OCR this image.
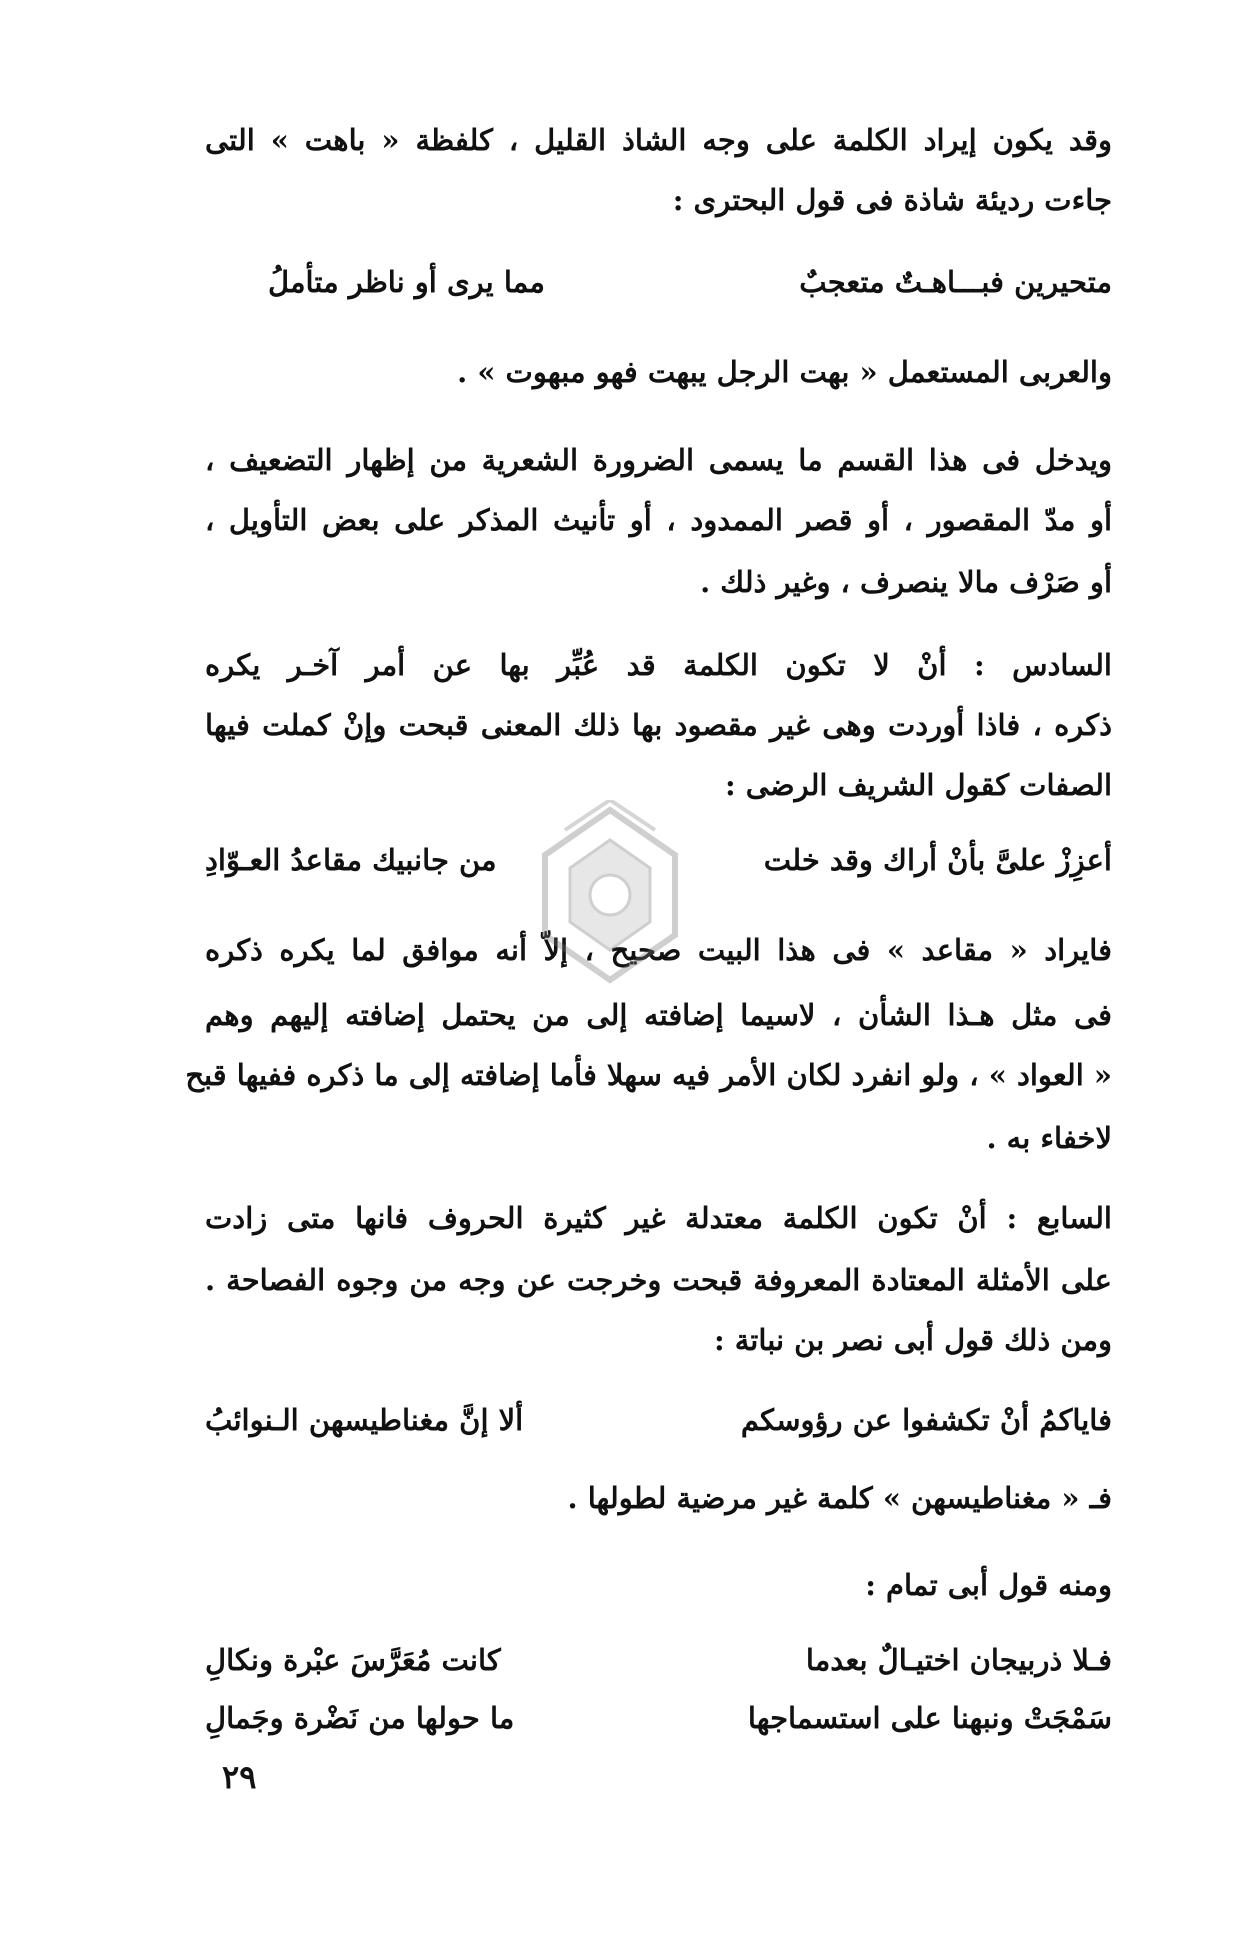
وقد يكون إيراد الكلمة على وجه الشاذ القليل ، كلفظة « باهت » التى
جاءت رديئة شاذة فى قول البحترى :
متحيرين فبـــاهـتٌ متعجبٌ
مما يرى أو ناظر متأملُ
والعربى المستعمل « بهت الرجل يبهت فهو مبهوت » .
ويدخل فى هذا القسم ما يسمى الضرورة الشعرية من إظهار التضعيف ،
أو مدّ المقصور ، أو قصر الممدود ، أو تأنيث المذكر على بعض التأويل ،
أو صَرْف مالا ينصرف ، وغير ذلك .
السادس : أنْ لا تكون الكلمة قد عُبِّر بها عن أمر آخـر يكره
ذكره ، فاذا أوردت وهى غير مقصود بها ذلك المعنى قبحت وإنْ كملت فيها
الصفات كقول الشريف الرضى :
أعزِزْ علىَّ بأنْ أراك وقد خلت
من جانبيك مقاعدُ العـوّادِ
فايراد « مقاعد » فى هذا البيت صحيح ، إلاّ أنه موافق لما يكره ذكره
فى مثل هـذا الشأن ، لاسيما إضافته إلى من يحتمل إضافته إليهم وهم
« العواد » ، ولو انفرد لكان الأمر فيه سهلا فأما إضافته إلى ما ذكره ففيها قبح
لاخفاء به .
السابع : أنْ تكون الكلمة معتدلة غير كثيرة الحروف فانها متى زادت
على الأمثلة المعتادة المعروفة قبحت وخرجت عن وجه من وجوه الفصاحة .
ومن ذلك قول أبى نصر بن نباتة :
فاياكمُ أنْ تكشفوا عن رؤوسكم
ألا إنَّ مغناطيسهن الـنوائبُ
فـ « مغناطيسهن » كلمة غير مرضية لطولها .
ومنه قول أبى تمام :
فـلا ذربيجان اختيـالٌ بعدما
كانت مُعَرَّسَ عبْرة ونكالِ
سَمْجَتْ ونبهنا على استسماجها
ما حولها من نَضْرة وجَمالِ
٢٩
